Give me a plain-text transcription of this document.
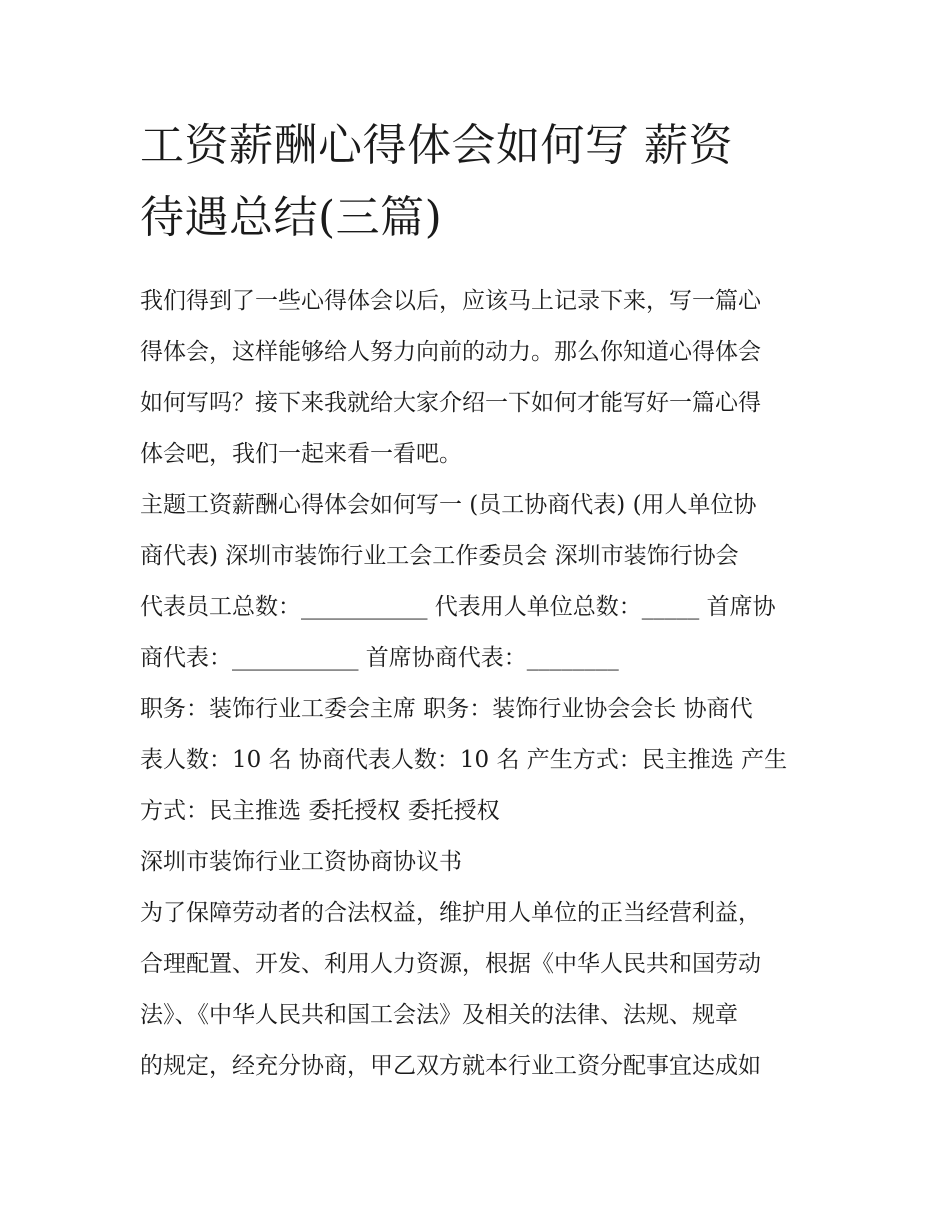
工资薪酬心得体会如何写 薪资
待遇总结(三篇)

我们得到了一些心得体会以后，应该马上记录下来，写一篇心
得体会，这样能够给人努力向前的动力。那么你知道心得体会
如何写吗？接下来我就给大家介绍一下如何才能写好一篇心得
体会吧，我们一起来看一看吧。

主题工资薪酬心得体会如何写一 (员工协商代表) (用人单位协
商代表) 深圳市装饰行业工会工作委员会 深圳市装饰行协会
代表员工总数：___________ 代表用人单位总数：_____ 首席协
商代表：___________ 首席协商代表：________

职务：装饰行业工委会主席 职务：装饰行业协会会长 协商代
表人数：10 名 协商代表人数：10 名 产生方式：民主推选 产生
方式：民主推选 委托授权 委托授权

深圳市装饰行业工资协商协议书

为了保障劳动者的合法权益，维护用人单位的正当经营利益，
合理配置、开发、利用人力资源，根据《中华人民共和国劳动
法》、《中华人民共和国工会法》及相关的法律、法规、规章
的规定，经充分协商，甲乙双方就本行业工资分配事宜达成如
